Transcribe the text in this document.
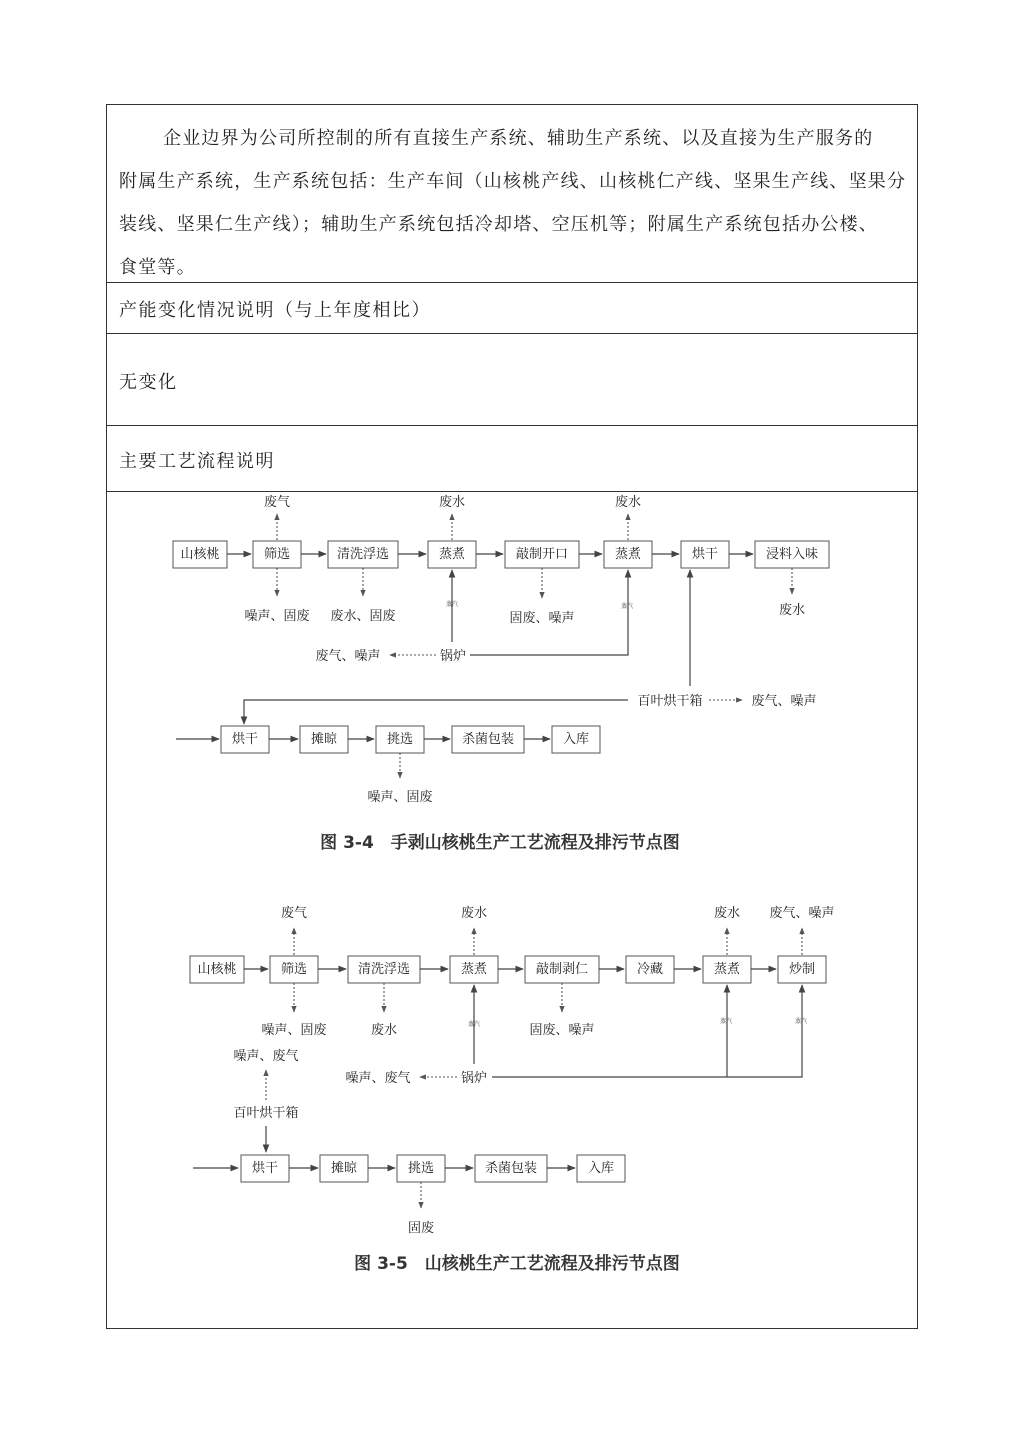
企业边界为公司所控制的所有直接生产系统、辅助生产系统、以及直接为生产服务的
附属生产系统，生产系统包括：生产车间（山核桃产线、山核桃仁产线、坚果生产线、坚果分
装线、坚果仁生产线）；辅助生产系统包括冷却塔、空压机等；附属生产系统包括办公楼、
食堂等。
产能变化情况说明（与上年度相比）
无变化
主要工艺流程说明
山核桃	筛选	清洗浮选	蒸煮	敲制开口	蒸煮	烘干	浸料入味
废气	废水	废水
噪声、固废 废水、固废	固废、噪声
废水
锅炉
废气、噪声
蒸汽	蒸汽
百叶烘干箱	废气、噪声
烘干	摊晾	挑选	杀菌包装	入库
噪声、固废
图 3-4　手剥山核桃生产工艺流程及排污节点图
山核桃	筛选	清洗浮选	蒸煮	敲制剥仁	冷藏	蒸煮	炒制
废气	废水	废水 废气、噪声
噪声、固废	废水	固废、噪声
锅炉
噪声、废气
蒸汽	蒸汽	蒸汽
噪声、废气
百叶烘干箱
烘干	摊晾	挑选	杀菌包装	入库
固废
图 3-5　山核桃生产工艺流程及排污节点图
